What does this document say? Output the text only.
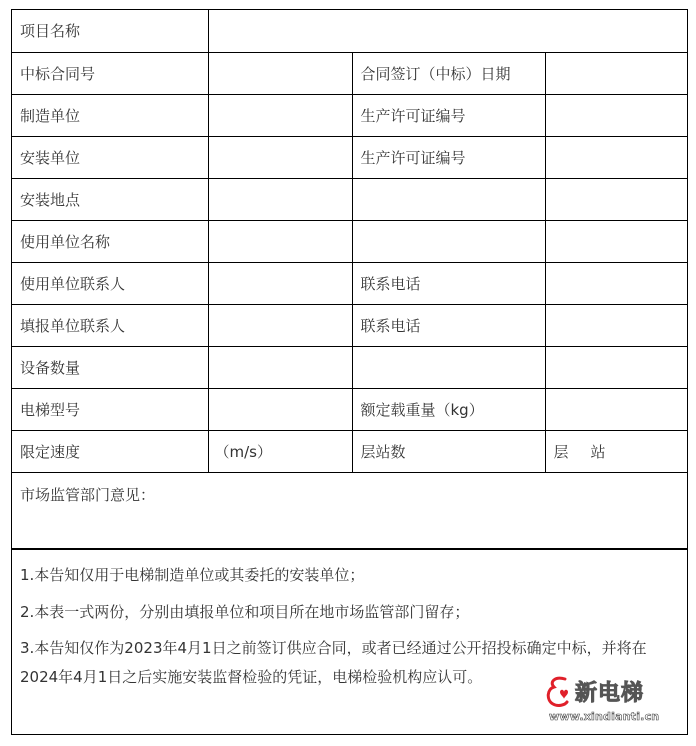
项目名称			
中标合同号		合同签订（中标）日期	
制造单位		生产许可证编号	
安装单位		生产许可证编号	
安装地点			
使用单位名称			
使用单位联系人		联系电话	
填报单位联系人		联系电话	
设备数量			
电梯型号		额定载重量（kg）	
限定速度	（m/s）	层站数	层 站
市场监管部门意见：			

1.本告知仅用于电梯制造单位或其委托的安装单位；

2.本表一式两份，分别由填报单位和项目所在地市场监管部门留存；

3.本告知仅作为2023年4月1日之前签订供应合同，或者已经通过公开招投标确定中标，并将在2024年4月1日之后实施安装监督检验的凭证，电梯检验机构应认可。

新电梯
www.xindianti.cn
